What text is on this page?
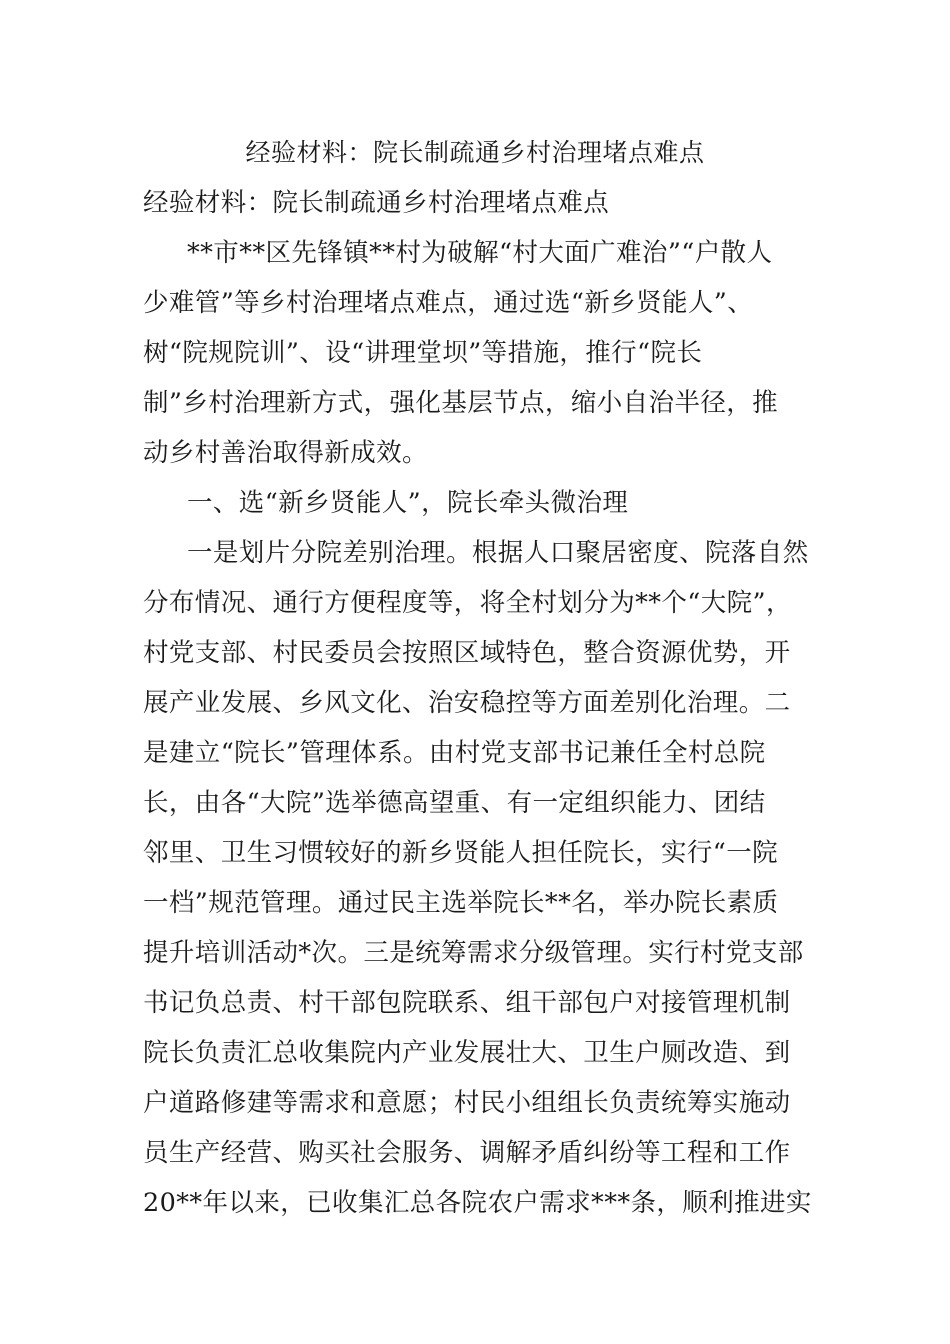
经验材料：院长制疏通乡村治理堵点难点
经验材料：院长制疏通乡村治理堵点难点
**市**区先锋镇**村为破解“村大面广难治”“户散人
少难管”等乡村治理堵点难点，通过选“新乡贤能人”、
树“院规院训”、设“讲理堂坝”等措施，推行“院长
制”乡村治理新方式，强化基层节点，缩小自治半径，推
动乡村善治取得新成效。
一、选“新乡贤能人”，院长牵头微治理
一是划片分院差别治理。根据人口聚居密度、院落自然
分布情况、通行方便程度等，将全村划分为**个“大院”，
村党支部、村民委员会按照区域特色，整合资源优势，开
展产业发展、乡风文化、治安稳控等方面差别化治理。二
是建立“院长”管理体系。由村党支部书记兼任全村总院
长，由各“大院”选举德高望重、有一定组织能力、团结
邻里、卫生习惯较好的新乡贤能人担任院长，实行“一院
一档”规范管理。通过民主选举院长**名，举办院长素质
提升培训活动*次。三是统筹需求分级管理。实行村党支部
书记负总责、村干部包院联系、组干部包户对接管理机制
院长负责汇总收集院内产业发展壮大、卫生户厕改造、到
户道路修建等需求和意愿；村民小组组长负责统筹实施动
员生产经营、购买社会服务、调解矛盾纠纷等工程和工作
20**年以来，已收集汇总各院农户需求***条，顺利推进实
